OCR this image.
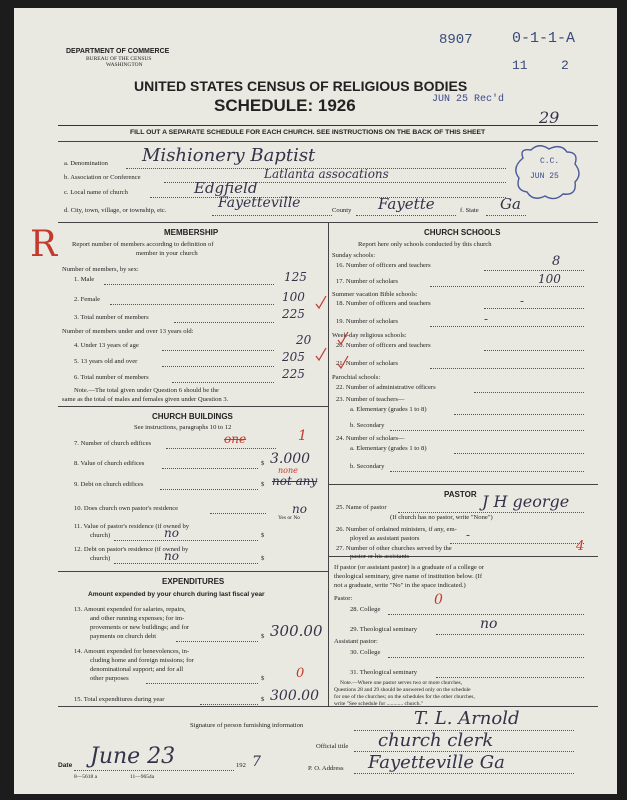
DEPARTMENT OF COMMERCE
BUREAU OF THE CENSUS
WASHINGTON
UNITED STATES CENSUS OF RELIGIOUS BODIES
SCHEDULE: 1926	JUN 25 Rec'd
29
8907	0-1-1-A
11	2
FILL OUT A SEPARATE SCHEDULE FOR EACH CHURCH. SEE INSTRUCTIONS ON THE BACK OF THIS SHEET
C.C.
JUN 25
a. Denomination Mishionery Baptist
b. Association or Conference	Latlanta assocations
c. Local name of church	Edgfield
d. City, town, village, or township, etc.	Fayetteville	County Fayette	f. State Ga
R	MEMBERSHIP
Report number of members according to definition of
member in your church
Number of members, by sex:
1. Male	125
2. Female	100
3. Total number of members	225
Number of members under and over 13 years old:
4. Under 13 years of age	20
5. 13 years old and over	205
6. Total number of members	225
Note.—The total given under Question 6 should be the
same as the total of males and females given under Question 3.
CHURCH BUILDINGS
See instructions, paragraphs 10 to 12
7. Number of church edifices	one	1
8. Value of church edifices	$ 3.000
9. Debt on church edifices	$ not any
none
10. Does church own pastor's residence	no
Yes or No
11. Value of pastor's residence (if owned by
church)	$
no
12. Debt on pastor's residence (if owned by
church)	$
no
EXPENDITURES
Amount expended by your church during last fiscal year
13. Amount expended for salaries, repairs,
and other running expenses; for im-
provements or new buildings; and for
payments on church debt	$ 300.00
14. Amount expended for benevolences, in-
cluding home and foreign missions; for
denominational support; and for all
other purposes	$ 0
15. Total expenditures during year	$ 300.00
CHURCH SCHOOLS
Report here only schools conducted by this church
Sunday schools:
16. Number of officers and teachers	8
17. Number of scholars	100
Summer vacation Bible schools:
18. Number of officers and teachers	-
19. Number of scholars	-
Week-day religious schools:
20. Number of officers and teachers
21. Number of scholars
Parochial schools:
22. Number of administrative officers
23. Number of teachers—
a. Elementary (grades 1 to 8)
b. Secondary
24. Number of scholars—
a. Elementary (grades 1 to 8)
b. Secondary
PASTOR
25. Name of pastor	J H george
(If church has no pastor, write "None")
26. Number of ordained ministers, if any, em-
ployed as assistant pastors	-
27. Number of other churches served by the
pastor or his assistants
4
If pastor (or assistant pastor) is a graduate of a college or
theological seminary, give name of institution below. (If
not a graduate, write "No" in the space indicated.)
Pastor:
28. College
0
29. Theological seminary	no
Assistant pastor:
30. College
31. Theological seminary
Note.—Where one pastor serves two or more churches,
Questions 28 and 29 should be answered only on the schedule
for one of the churches; on the schedules for the other churches,
write "See schedule for ............ church."
Signature of person furnishing information	T. L. Arnold
Official title church clerk
Date June 23	192 7	P. O. Address Fayetteville Ga
8—5618 a	11—9654a
